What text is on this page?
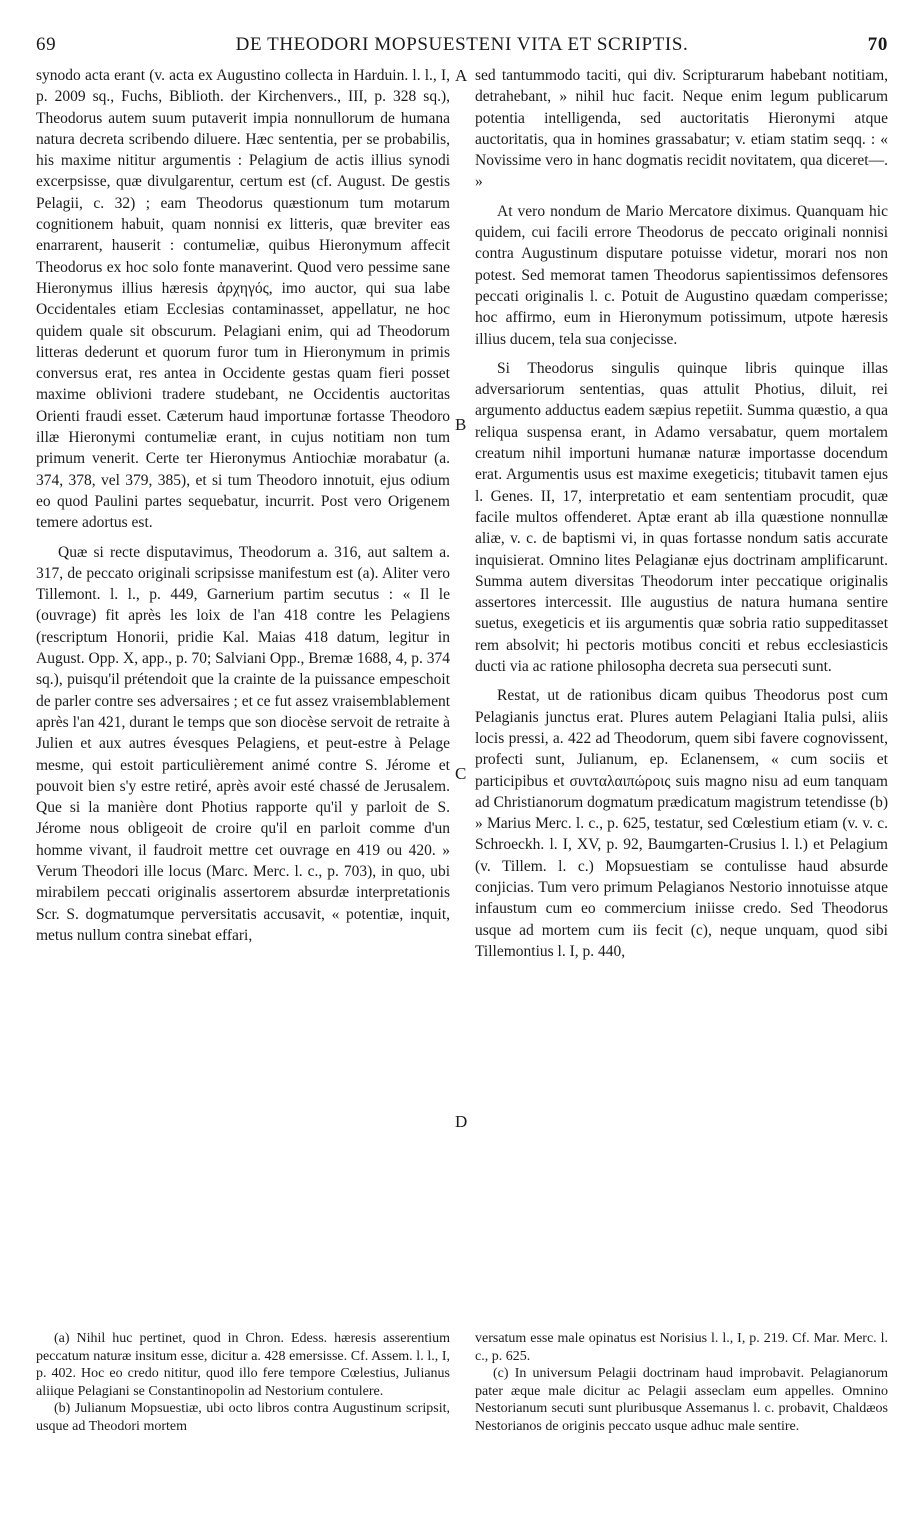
69	DE THEODORI MOPSUESTENI VITA ET SCRIPTIS.	70

synodo acta erant (v. acta ex Augustino collecta in Harduin. l. l., I, p. 2009 sq., Fuchs, Biblioth. der Kirchenvers., III, p. 328 sq.), Theodorus autem suum putaverit impia nonnullorum de humana natura decreta scribendo diluere. Hæc sententia, per se probabilis, his maxime nititur argumentis : Pelagium de actis illius synodi excerpsisse, quæ divulgarentur, certum est (cf. August. De gestis Pelagii, c. 32) ; eam Theodorus quæstionum tum motarum cognitionem habuit, quam nonnisi ex litteris, quæ breviter eas enarrarent, hauserit : contumeliæ, quibus Hieronymum affecit Theodorus ex hoc solo fonte manaverint. Quod vero pessime sane Hieronymus illius hæresis ἀρχηγός, imo auctor, qui sua labe Occidentales etiam Ecclesias contaminasset, appellatur, ne hoc quidem quale sit obscurum. Pelagiani enim, qui ad Theodorum litteras dederunt et quorum furor tum in Hieronymum in primis conversus erat, res antea in Occidente gestas quam fieri posset maxime oblivioni tradere studebant, ne Occidentis auctoritas Orienti fraudi esset. Cæterum haud importunæ fortasse Theodoro illæ Hieronymi contumeliæ erant, in cujus notitiam non tum primum venerit. Certe ter Hieronymus Antiochiæ morabatur (a. 374, 378, vel 379, 385), et si tum Theodoro innotuit, ejus odium eo quod Paulini partes sequebatur, incurrit. Post vero Origenem temere adortus est.

Quæ si recte disputavimus, Theodorum a. 316, aut saltem a. 317, de peccato originali scripsisse manifestum est (a). Aliter vero Tillemont. l. l., p. 449, Garnerium partim secutus : « Il le (ouvrage) fit après les loix de l'an 418 contre les Pelagiens (rescriptum Honorii, pridie Kal. Maias 418 datum, legitur in August. Opp. X, app., p. 70; Salviani Opp., Bremæ 1688, 4, p. 374 sq.), puisqu'il prétendoit que la crainte de la puissance empeschoit de parler contre ses adversaires ; et ce fut assez vraisemblablement après l'an 421, durant le temps que son diocèse servoit de retraite à Julien et aux autres évesques Pelagiens, et peut-estre à Pelage mesme, qui estoit particulièrement animé contre S. Jérome et pouvoit bien s'y estre retiré, après avoir esté chassé de Jerusalem. Que si la manière dont Photius rapporte qu'il y parloit de S. Jérome nous obligeoit de croire qu'il en parloit comme d'un homme vivant, il faudroit mettre cet ouvrage en 419 ou 420. » Verum Theodori ille locus (Marc. Merc. l. c., p. 703), in quo, ubi mirabilem peccati originalis assertorem absurdæ interpretationis Scr. S. dogmatumque perversitatis accusavit, « potentiæ, inquit, metus nullum contra sinebat effari,

sed tantummodo taciti, qui div. Scripturarum habebant notitiam, detrahebant, » nihil huc facit. Neque enim legum publicarum potentia intelligenda, sed auctoritatis Hieronymi atque auctoritatis, qua in homines grassabatur; v. etiam statim seqq. : « Novissime vero in hanc dogmatis recidit novitatem, qua diceret—. »

At vero nondum de Mario Mercatore diximus. Quanquam hic quidem, cui facili errore Theodorus de peccato originali nonnisi contra Augustinum disputare potuisse videtur, morari nos non potest. Sed memorat tamen Theodorus sapientissimos defensores peccati originalis l. c. Potuit de Augustino quædam comperisse; hoc affirmo, eum in Hieronymum potissimum, utpote hæresis illius ducem, tela sua conjecisse.

Si Theodorus singulis quinque libris quinque illas adversariorum sententias, quas attulit Photius, diluit, rei argumento adductus eadem sæpius repetiit. Summa quæstio, a qua reliqua suspensa erant, in Adamo versabatur, quem mortalem creatum nihil importuni humanæ naturæ importasse docendum erat. Argumentis usus est maxime exegeticis; titubavit tamen ejus l. Genes. II, 17, interpretatio et eam sententiam procudit, quæ facile multos offenderet. Aptæ erant ab illa quæstione nonnullæ aliæ, v. c. de baptismi vi, in quas fortasse nondum satis accurate inquisierat. Omnino lites Pelagianæ ejus doctrinam amplificarunt. Summa autem diversitas Theodorum inter peccatique originalis assertores intercessit. Ille augustius de natura humana sentire suetus, exegeticis et iis argumentis quæ sobria ratio suppeditasset rem absolvit; hi pectoris motibus conciti et rebus ecclesiasticis ducti via ac ratione philosopha decreta sua persecuti sunt.

Restat, ut de rationibus dicam quibus Theodorus post cum Pelagianis junctus erat. Plures autem Pelagiani Italia pulsi, aliis locis pressi, a. 422 ad Theodorum, quem sibi favere cognovissent, profecti sunt, Julianum, ep. Eclanensem, « cum sociis et participibus et συνταλαιπώροις suis magno nisu ad eum tanquam ad Christianorum dogmatum prædicatum magistrum tetendisse (b) » Marius Merc. l. c., p. 625, testatur, sed Cœlestium etiam (v. v. c. Schroeckh. l. I, XV, p. 92, Baumgarten-Crusius l. l.) et Pelagium (v. Tillem. l. c.) Mopsuestiam se contulisse haud absurde conjicias. Tum vero primum Pelagianos Nestorio innotuisse atque infaustum cum eo commercium iniisse credo. Sed Theodorus usque ad mortem cum iis fecit (c), neque unquam, quod sibi Tillemontius l. I, p. 440,

A
B
C
D

(a) Nihil huc pertinet, quod in Chron. Edess. hæresis asserentium peccatum naturæ insitum esse, dicitur a. 428 emersisse. Cf. Assem. l. l., I, p. 402. Hoc eo credo nititur, quod illo fere tempore Cœlestius, Julianus aliique Pelagiani se Constantinopolin ad Nestorium contulere.

(b) Julianum Mopsuestiæ, ubi octo libros contra Augustinum scripsit, usque ad Theodori mortem

versatum esse male opinatus est Norisius l. l., I, p. 219. Cf. Mar. Merc. l. c., p. 625.

(c) In universum Pelagii doctrinam haud improbavit. Pelagianorum pater æque male dicitur ac Pelagii asseclam eum appelles. Omnino Nestorianum secuti sunt pluribusque Assemanus l. c. probavit, Chaldæos Nestorianos de originis peccato usque adhuc male sentire.
